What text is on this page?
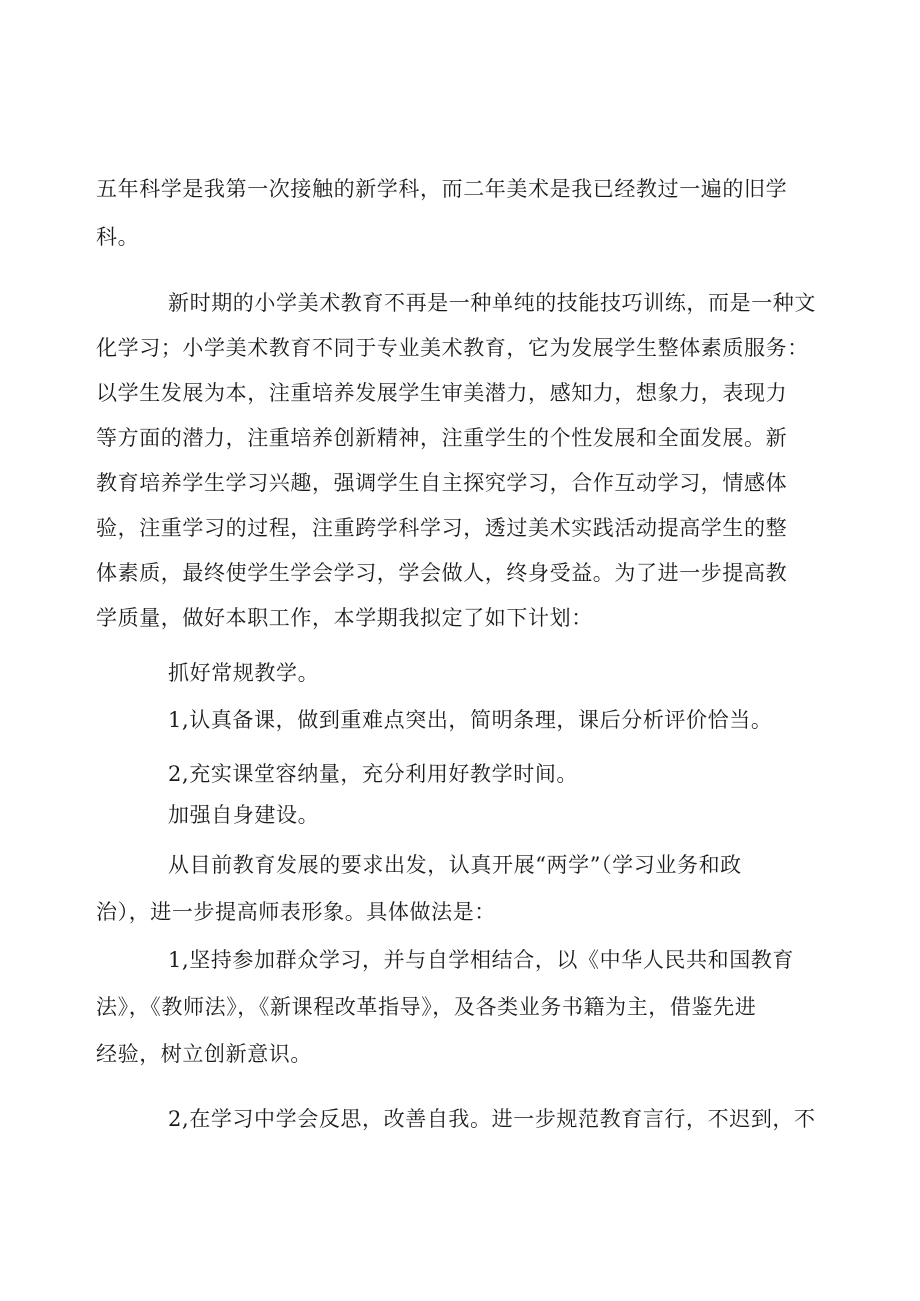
五年科学是我第一次接触的新学科，而二年美术是我已经教过一遍的旧学

科。

新时期的小学美术教育不再是一种单纯的技能技巧训练，而是一种文

化学习；小学美术教育不同于专业美术教育，它为发展学生整体素质服务：

以学生发展为本，注重培养发展学生审美潜力，感知力，想象力，表现力

等方面的潜力，注重培养创新精神，注重学生的个性发展和全面发展。新

教育培养学生学习兴趣，强调学生自主探究学习，合作互动学习，情感体

验，注重学习的过程，注重跨学科学习，透过美术实践活动提高学生的整

体素质，最终使学生学会学习，学会做人，终身受益。为了进一步提高教

学质量，做好本职工作，本学期我拟定了如下计划：

抓好常规教学。

1,认真备课，做到重难点突出，简明条理，课后分析评价恰当。

2,充实课堂容纳量，充分利用好教学时间。

加强自身建设。

从目前教育发展的要求出发，认真开展“两学”（学习业务和政

治），进一步提高师表形象。具体做法是：

1,坚持参加群众学习，并与自学相结合，以《中华人民共和国教育

法》，《教师法》，《新课程改革指导》，及各类业务书籍为主，借鉴先进

经验，树立创新意识。

2,在学习中学会反思，改善自我。进一步规范教育言行，不迟到，不
